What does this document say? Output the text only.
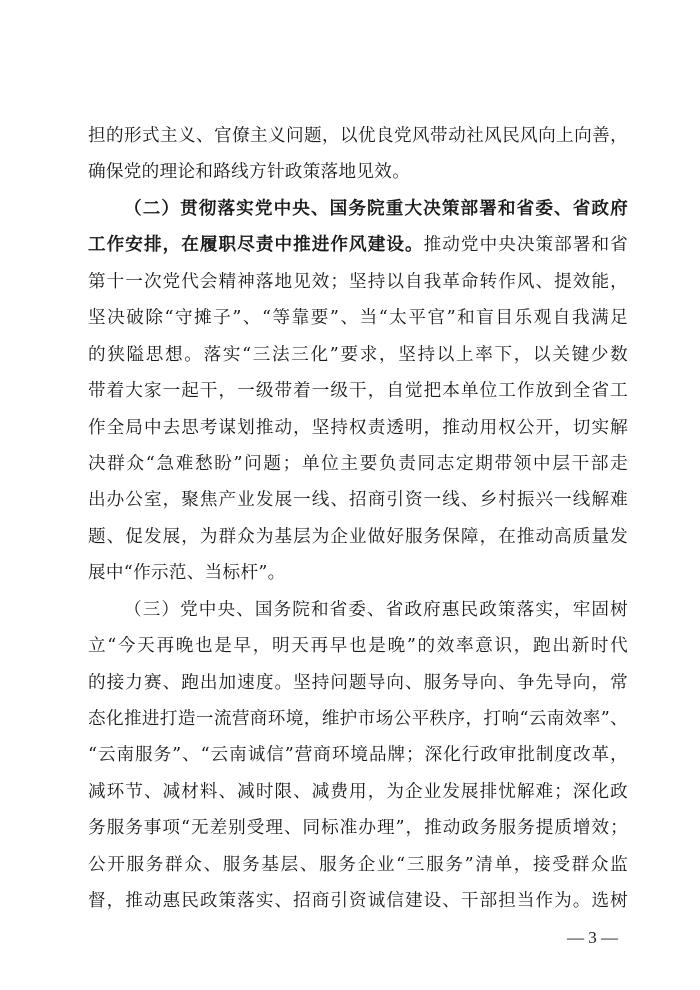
担的形式主义、官僚主义问题，以优良党风带动社风民风向上向善，
确保党的理论和路线方针政策落地见效。
（二）贯彻落实党中央、国务院重大决策部署和省委、省政府
工作安排，在履职尽责中推进作风建设。推动党中央决策部署和省
第十一次党代会精神落地见效；坚持以自我革命转作风、提效能，
坚决破除“守摊子”、“等靠要”、当“太平官”和盲目乐观自我满足
的狭隘思想。落实“三法三化”要求，坚持以上率下，以关键少数
带着大家一起干，一级带着一级干，自觉把本单位工作放到全省工
作全局中去思考谋划推动，坚持权责透明，推动用权公开，切实解
决群众“急难愁盼”问题；单位主要负责同志定期带领中层干部走
出办公室，聚焦产业发展一线、招商引资一线、乡村振兴一线解难
题、促发展，为群众为基层为企业做好服务保障，在推动高质量发
展中“作示范、当标杆”。
（三）党中央、国务院和省委、省政府惠民政策落实，牢固树
立“今天再晚也是早，明天再早也是晚”的效率意识，跑出新时代
的接力赛、跑出加速度。坚持问题导向、服务导向、争先导向，常
态化推进打造一流营商环境，维护市场公平秩序，打响“云南效率”、
“云南服务”、“云南诚信”营商环境品牌；深化行政审批制度改革，
减环节、减材料、减时限、减费用，为企业发展排忧解难；深化政
务服务事项“无差别受理、同标准办理”，推动政务服务提质增效；
公开服务群众、服务基层、服务企业“三服务”清单，接受群众监
督，推动惠民政策落实、招商引资诚信建设、干部担当作为。选树
— 3 —
